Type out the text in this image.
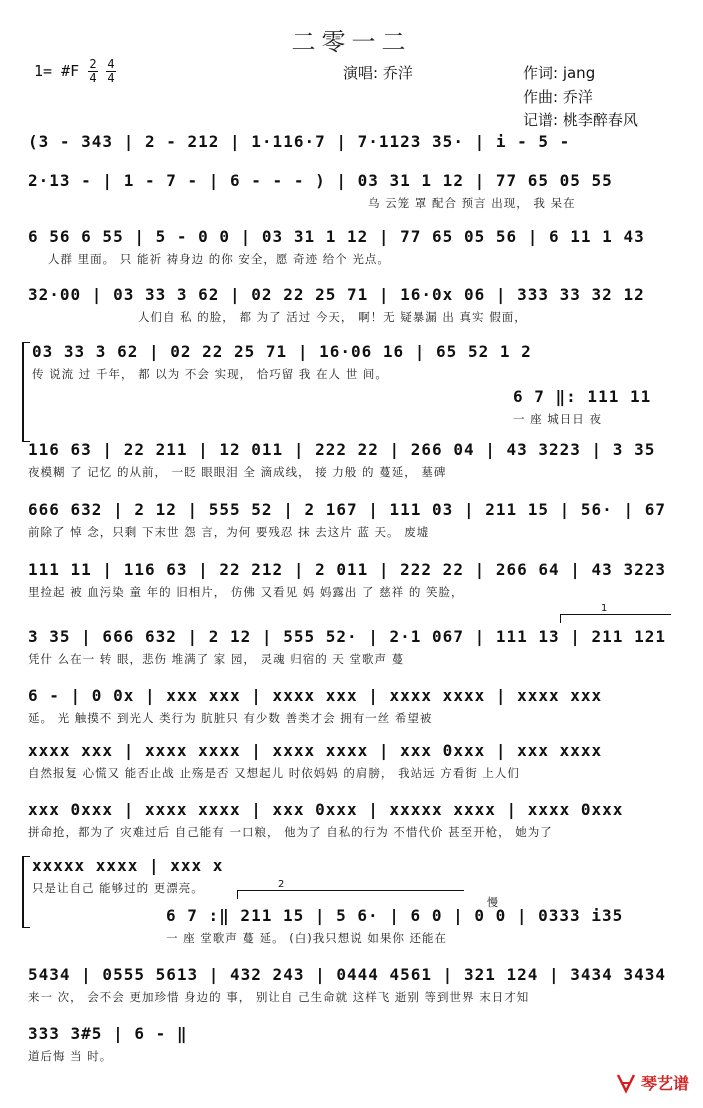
二零一二
1= #F 2
4
4
4	演唱: 乔洋	作词: jang
作曲: 乔洋
记谱: 桃李醉春风
(3 - 343 | 2 - 212 | 1·116·7 | 7·1123 35· | i - 5 -
2·13 - | 1 - 7 - | 6 - - - ) | 03 31 1 12 | 77 65 05 55
乌 云笼 罩 配合 预言 出现， 我 呆在
6 56 6 55 | 5 - 0 0 | 03 31 1 12 | 77 65 05 56 | 6 11 1 43
人群 里面。 只 能祈 祷身边 的你 安全，愿 奇迹 给个 光点。
32·00 | 03 33 3 62 | 02 22 25 71 | 16·0x 06 | 333 33 32 12
人们自 私 的脸， 都 为了 活过 今天， 啊！无 疑暴漏 出 真实 假面，
03 33 3 62 | 02 22 25 71 | 16·06 16 | 65 52 1 2
传 说流 过 千年， 都 以为 不会 实现， 恰巧留 我 在人 世 间。
6 7 ‖: 111 11
一 座 城日日 夜
116 63 | 22 211 | 12 011 | 222 22 | 266 04 | 43 3223 | 3 35
夜模糊 了 记忆 的从前， 一眨 眼眼泪 全 滴成线， 接 力般 的 蔓延， 墓碑
666 632 | 2 12 | 555 52 | 2 167 | 111 03 | 211 15 | 56· | 67
前除了 悼 念，只剩 下末世 怨 言，为何 要残忍 抹 去这片 蓝 天。 废墟
111 11 | 116 63 | 22 212 | 2 011 | 222 22 | 266 64 | 43 3223
里捡起 被 血污染 童 年的 旧相片， 仿佛 又看见 妈 妈露出 了 慈祥 的 笑脸，
1
3 35 | 666 632 | 2 12 | 555 52· | 2·1 067 | 111 13 | 211 121
凭什 么在一 转 眼，悲伤 堆满了 家 园， 灵魂 归宿的 天 堂歌声 蔓
6 - | 0 0x | xxx xxx | xxxx xxx | xxxx xxxx | xxxx xxx
延。 光 触摸不 到光人 类行为 肮脏只 有少数 善类才会 拥有一丝 希望被
xxxx xxx | xxxx xxxx | xxxx xxxx | xxx 0xxx | xxx xxxx
自然报复 心慌又 能否止战 止殇是否 又想起儿 时依妈妈 的肩膀， 我站远 方看街 上人们
xxx 0xxx | xxxx xxxx | xxx 0xxx | xxxxx xxxx | xxxx 0xxx
拼命抢，都为了 灾难过后 自己能有 一口粮， 他为了 自私的行为 不惜代价 甚至开枪， 她为了
xxxxx xxxx | xxx x
只是让自己 能够过的 更漂亮。	2
慢
6 7 :‖ 211 15 | 5 6· | 6 0 | 0 0 | 0333 i35
一 座 堂歌声 蔓 延。 (白)我只想说 如果你 还能在
5434 | 0555 5613 | 432 243 | 0444 4561 | 321 124 | 3434 3434
来一 次， 会不会 更加珍惜 身边的 事， 别让自 己生命就 这样飞 逝别 等到世界 末日才知
333 3#5 | 6 - ‖
道后悔 当 时。
琴艺谱
